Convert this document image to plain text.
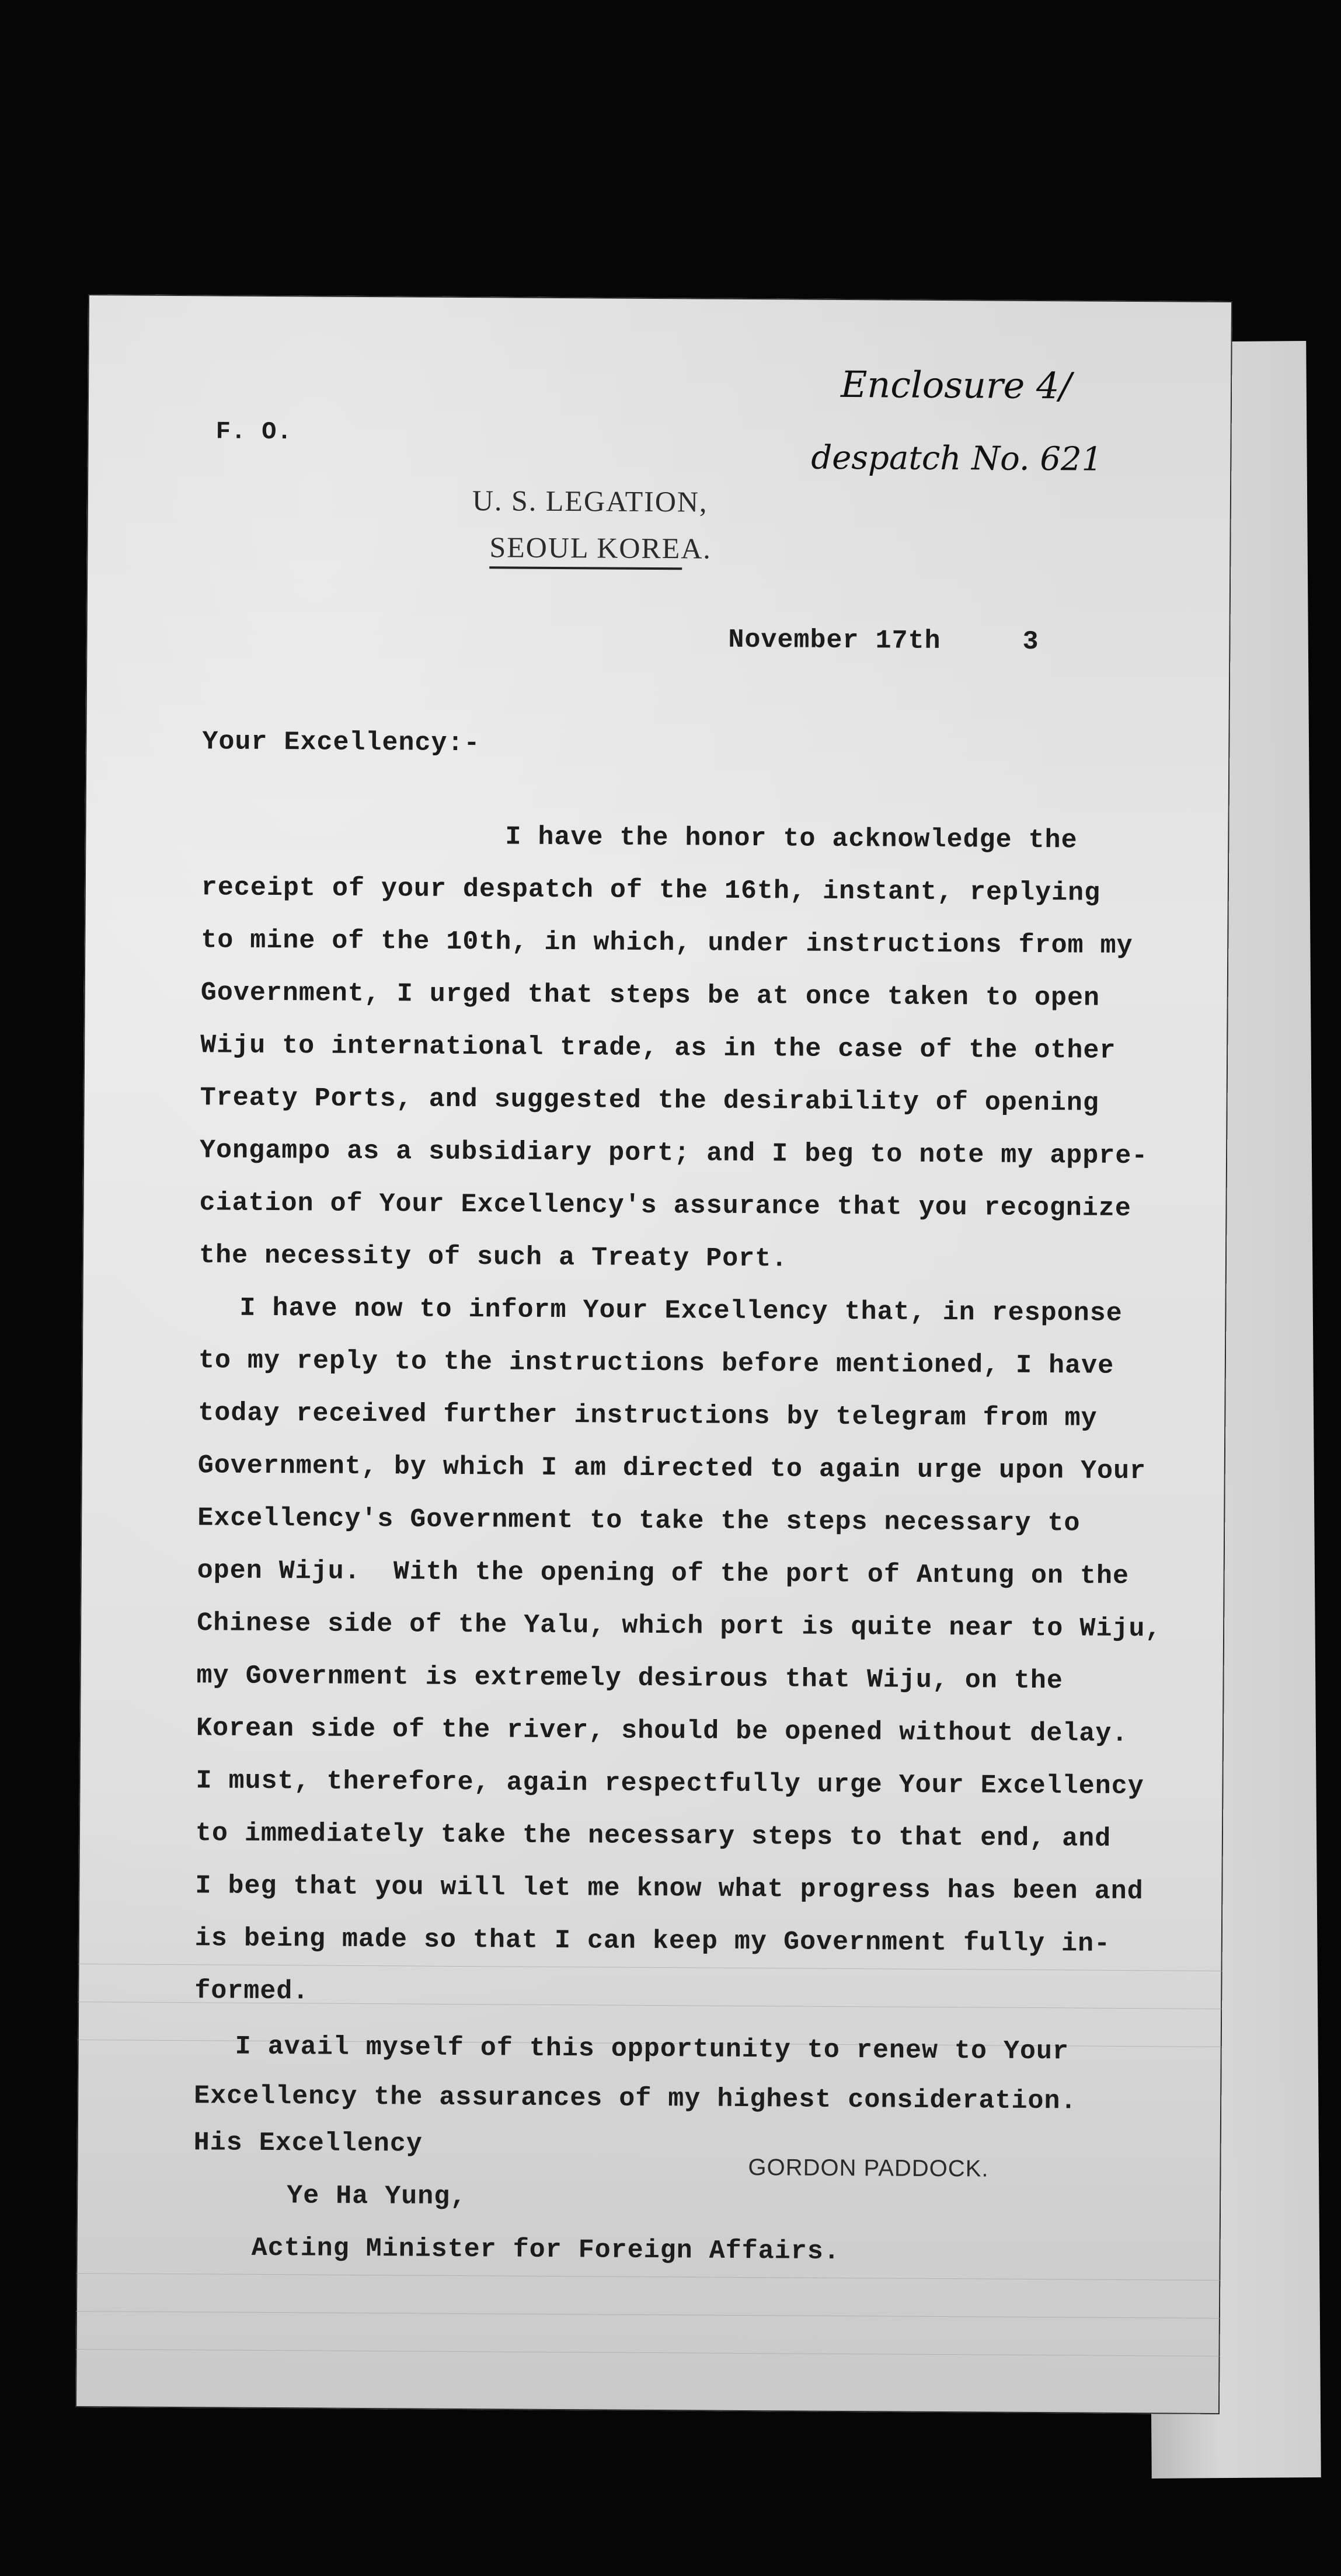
F. O.
Enclosure 4/
despatch No. 621
U. S. LEGATION,
SEOUL KOREA.
November 17th     3
Your Excellency:-
I have the honor to acknowledge the
receipt of your despatch of the 16th, instant, replying
to mine of the 10th, in which, under instructions from my
Government, I urged that steps be at once taken to open
Wiju to international trade, as in the case of the other
Treaty Ports, and suggested the desirability of opening
Yongampo as a subsidiary port; and I beg to note my appre-
ciation of Your Excellency's assurance that you recognize
the necessity of such a Treaty Port.
I have now to inform Your Excellency that, in response
to my reply to the instructions before mentioned, I have
today received further instructions by telegram from my
Government, by which I am directed to again urge upon Your
Excellency's Government to take the steps necessary to
open Wiju.  With the opening of the port of Antung on the
Chinese side of the Yalu, which port is quite near to Wiju,
my Government is extremely desirous that Wiju, on the
Korean side of the river, should be opened without delay.
I must, therefore, again respectfully urge Your Excellency
to immediately take the necessary steps to that end, and
I beg that you will let me know what progress has been and
is being made so that I can keep my Government fully in-
formed.
I avail myself of this opportunity to renew to Your
Excellency the assurances of my highest consideration.
His Excellency
GORDON PADDOCK.
Ye Ha Yung,
Acting Minister for Foreign Affairs.
